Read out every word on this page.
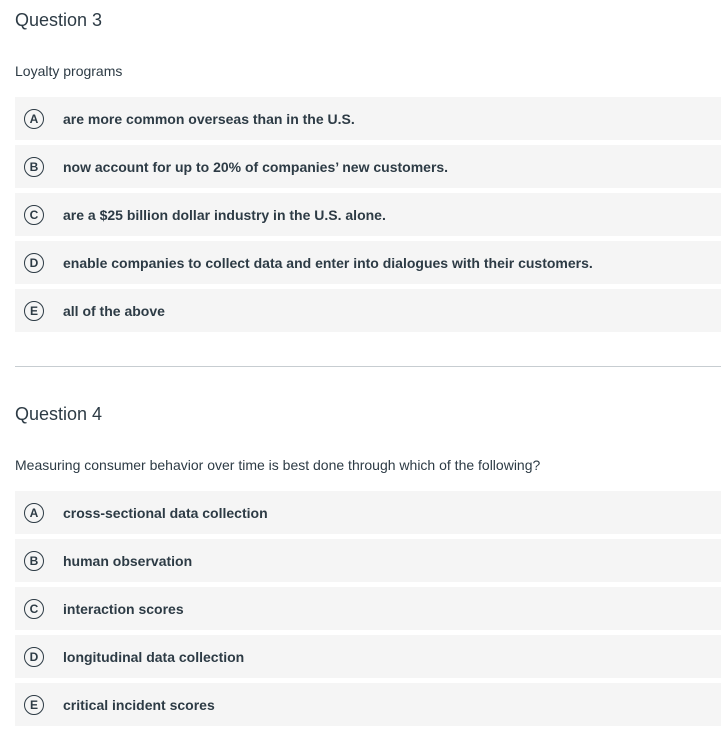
Question 3
Loyalty programs
A	are more common overseas than in the U.S.
B	now account for up to 20% of companies’ new customers.
C	are a $25 billion dollar industry in the U.S. alone.
D	enable companies to collect data and enter into dialogues with their customers.
E	all of the above
Question 4
Measuring consumer behavior over time is best done through which of the following?
A	cross-sectional data collection
B	human observation
C	interaction scores
D	longitudinal data collection
E	critical incident scores
